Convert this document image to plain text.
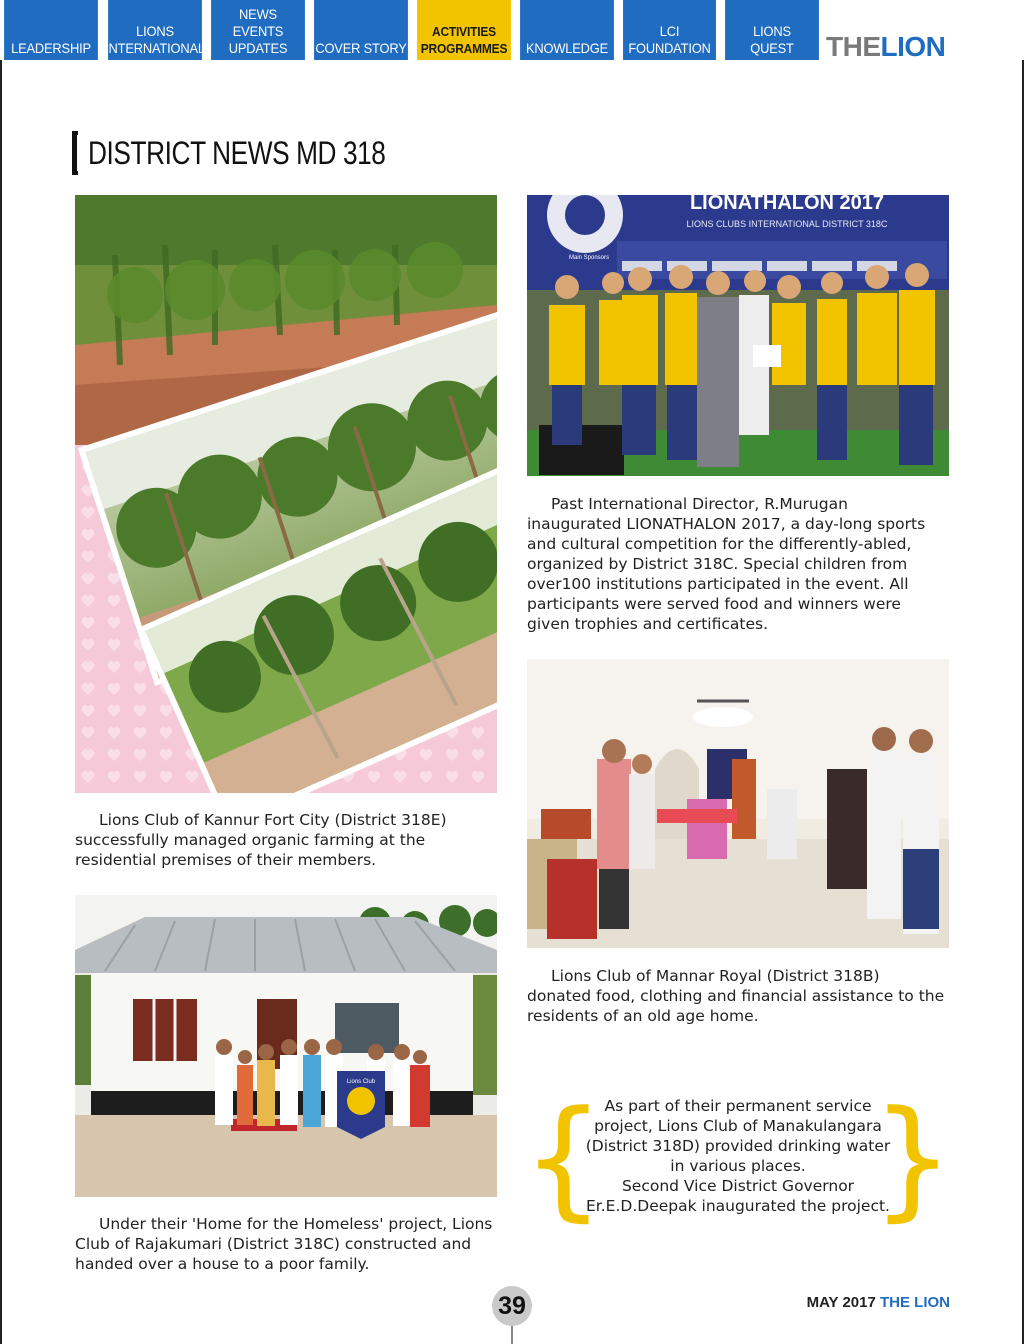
LEADERSHIP
LIONS
INTERNATIONAL
NEWS
EVENTS
UPDATES COVER STORY
ACTIVITIES
PROGRAMMES KNOWLEDGE
LCI
FOUNDATION
LIONS
QUEST THELION
DISTRICT NEWS MD 318
LIONATHALON 2017
LIONS CLUBS INTERNATIONAL DISTRICT 318C
Main Sponsors

Past International Director, R.Murugan inaugurated LIONATHALON 2017, a day-long sports and cultural competition for the differently-abled, organized by District 318C. Special children from over100 institutions participated in the event. All participants were served food and winners were given trophies and certificates.

Lions Club of Kannur Fort City (District 318E) successfully managed organic farming at the residential premises of their members.

Lions Club of Mannar Royal (District 318B) donated food, clothing and financial assistance to the residents of an old age home.

Lions Club

Under their 'Home for the Homeless' project, Lions Club of Rajakumari (District 318C) constructed and handed over a house to a poor family.

{ }
As part of their permanent service
project, Lions Club of Manakulangara
(District 318D) provided drinking water
in various places.
Second Vice District Governor
Er.E.D.Deepak inaugurated the project.
39	MAY 2017 THE LION
